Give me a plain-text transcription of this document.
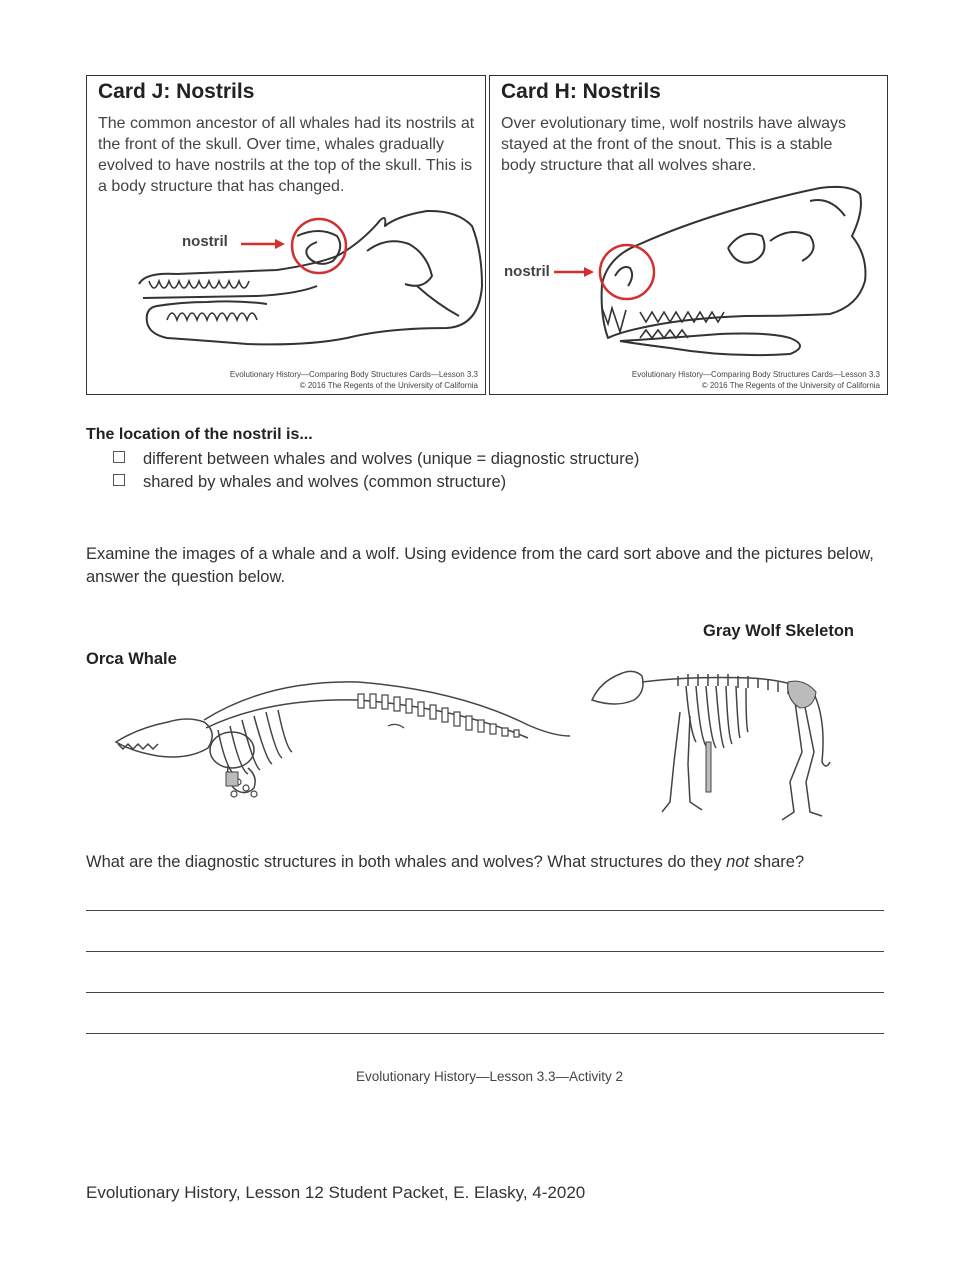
Card J: Nostrils
The common ancestor of all whales had its nostrils at the front of the skull. Over time, whales gradually evolved to have nostrils at the top of the skull. This is a body structure that has changed.
nostril
Evolutionary History—Comparing Body Structures Cards—Lesson 3.3
© 2016 The Regents of the University of California
Card H: Nostrils
Over evolutionary time, wolf nostrils have always stayed at the front of the snout. This is a stable body structure that all wolves share.
nostril
Evolutionary History—Comparing Body Structures Cards—Lesson 3.3
© 2016 The Regents of the University of California
The location of the nostril is...
different between whales and wolves (unique = diagnostic structure)
shared by whales and wolves (common structure)
Examine the images of a whale and a wolf. Using evidence from the card sort above and the pictures below, answer the question below.
Orca Whale
Gray Wolf Skeleton
What are the diagnostic structures in both whales and wolves? What structures do they not share?
Evolutionary History—Lesson 3.3—Activity 2
Evolutionary History, Lesson 12 Student Packet, E. Elasky, 4-2020
